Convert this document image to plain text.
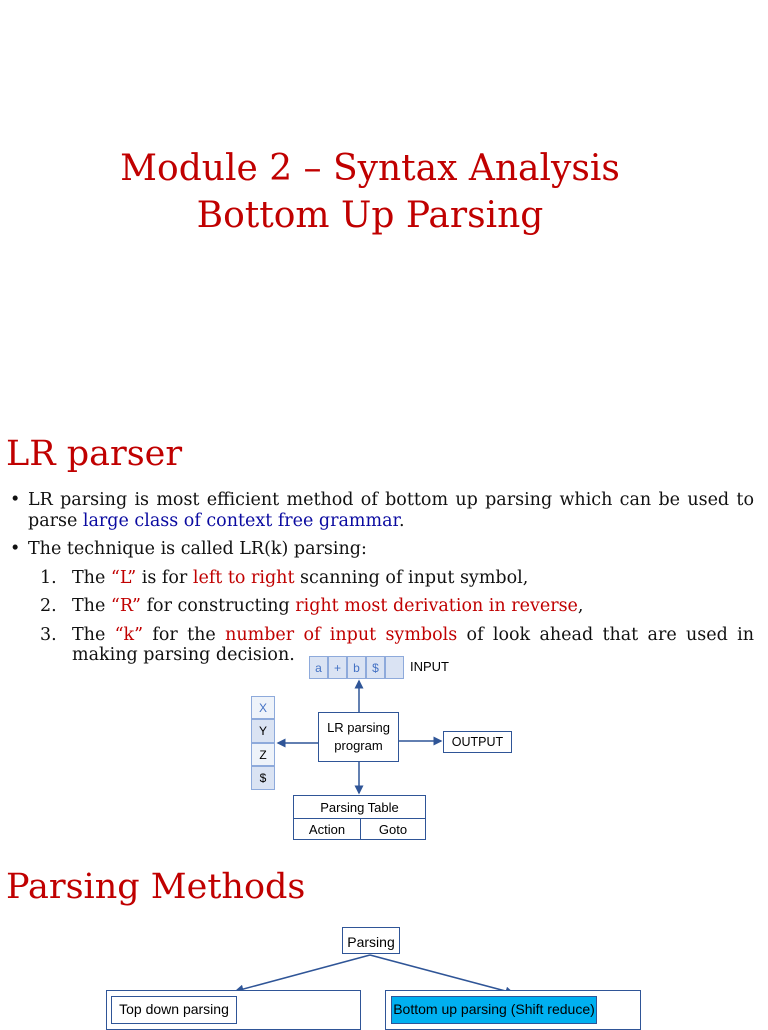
Module 2 – Syntax Analysis
Bottom Up Parsing
LR parser
• LR parsing is most efficient method of bottom up parsing which can be used to parse large class of context free grammar.
• The technique is called LR(k) parsing:
1. The “L” is for left to right scanning of input symbol,
2. The “R” for constructing right most derivation in reverse,
3. The “k” for the number of input symbols of look ahead that are used in making parsing decision.
a	+	b	$	INPUT
X
Y
Z
$
LR parsing program	OUTPUT
Parsing Table
Action	Goto
Parsing Methods
Parsing
Top down parsing	Bottom up parsing (Shift reduce)
